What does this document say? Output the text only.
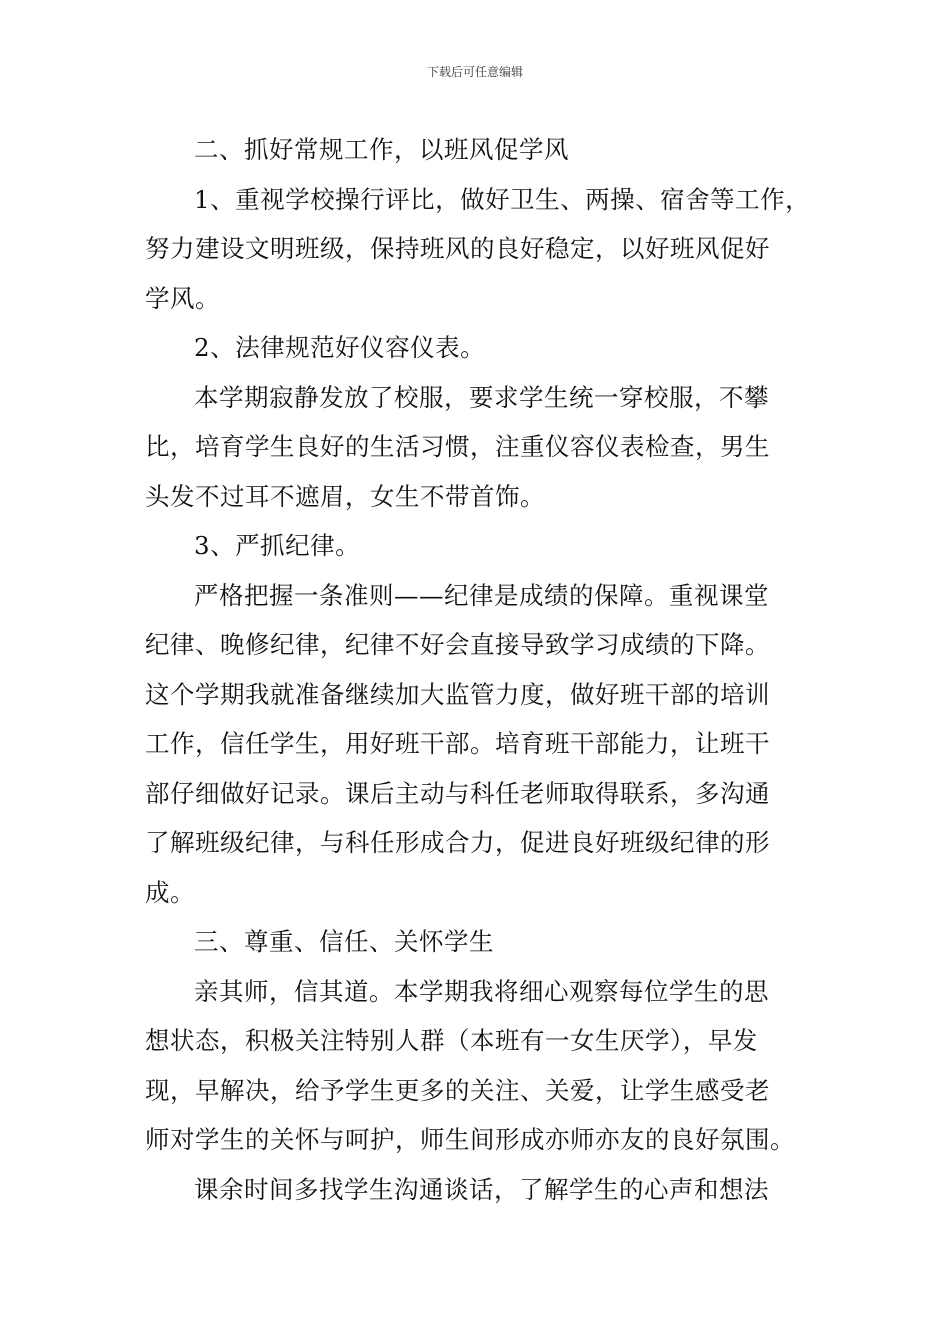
下载后可任意编辑
二、抓好常规工作，以班风促学风
1、重视学校操行评比，做好卫生、两操、宿舍等工作，
努力建设文明班级，保持班风的良好稳定，以好班风促好
学风。
2、法律规范好仪容仪表。
本学期寂静发放了校服，要求学生统一穿校服，不攀
比，培育学生良好的生活习惯，注重仪容仪表检查，男生
头发不过耳不遮眉，女生不带首饰。
3、严抓纪律。
严格把握一条准则——纪律是成绩的保障。重视课堂
纪律、晚修纪律，纪律不好会直接导致学习成绩的下降。
这个学期我就准备继续加大监管力度，做好班干部的培训
工作，信任学生，用好班干部。培育班干部能力，让班干
部仔细做好记录。课后主动与科任老师取得联系，多沟通
了解班级纪律，与科任形成合力，促进良好班级纪律的形
成。
三、尊重、信任、关怀学生
亲其师，信其道。本学期我将细心观察每位学生的思
想状态，积极关注特别人群（本班有一女生厌学），早发
现，早解决，给予学生更多的关注、关爱，让学生感受老
师对学生的关怀与呵护，师生间形成亦师亦友的良好氛围。
课余时间多找学生沟通谈话，了解学生的心声和想法
